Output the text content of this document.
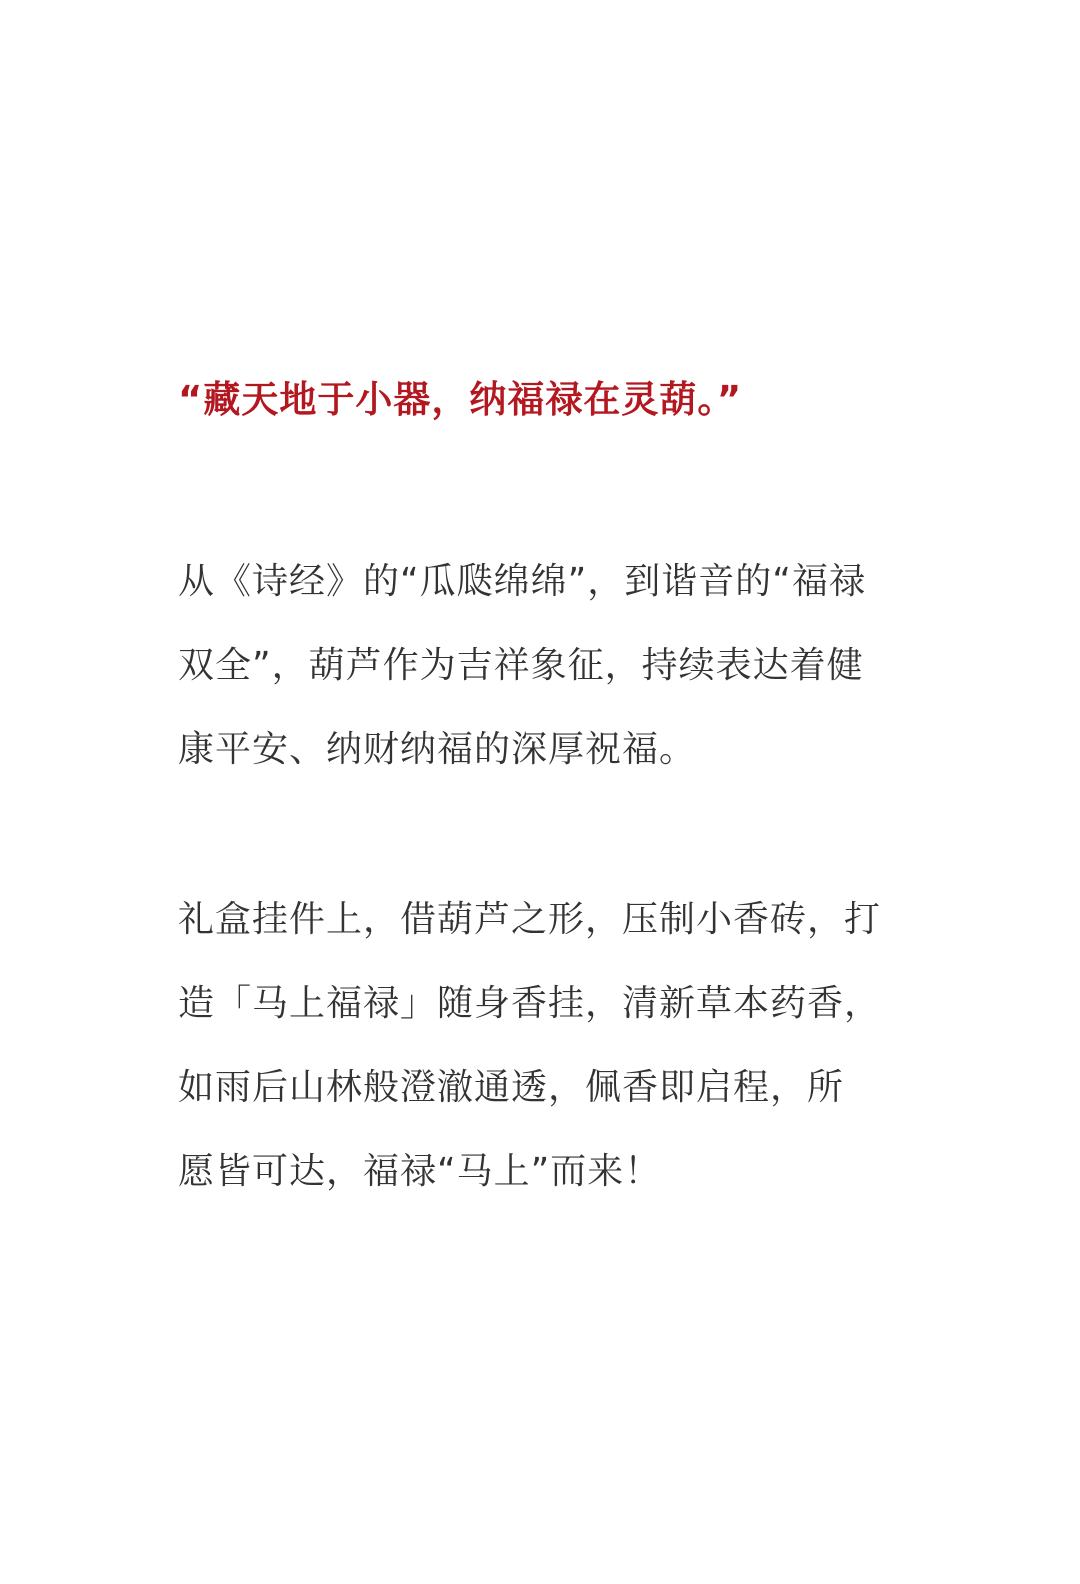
“藏天地于小器，纳福禄在灵葫。”

从《诗经》的“瓜瓞绵绵”，到谐音的“福禄
双全”，葫芦作为吉祥象征，持续表达着健
康平安、纳财纳福的深厚祝福。

礼盒挂件上，借葫芦之形，压制小香砖，打
造「马上福禄」随身香挂，清新草本药香，
如雨后山林般澄澈通透，佩香即启程，所
愿皆可达，福禄“马上”而来！
